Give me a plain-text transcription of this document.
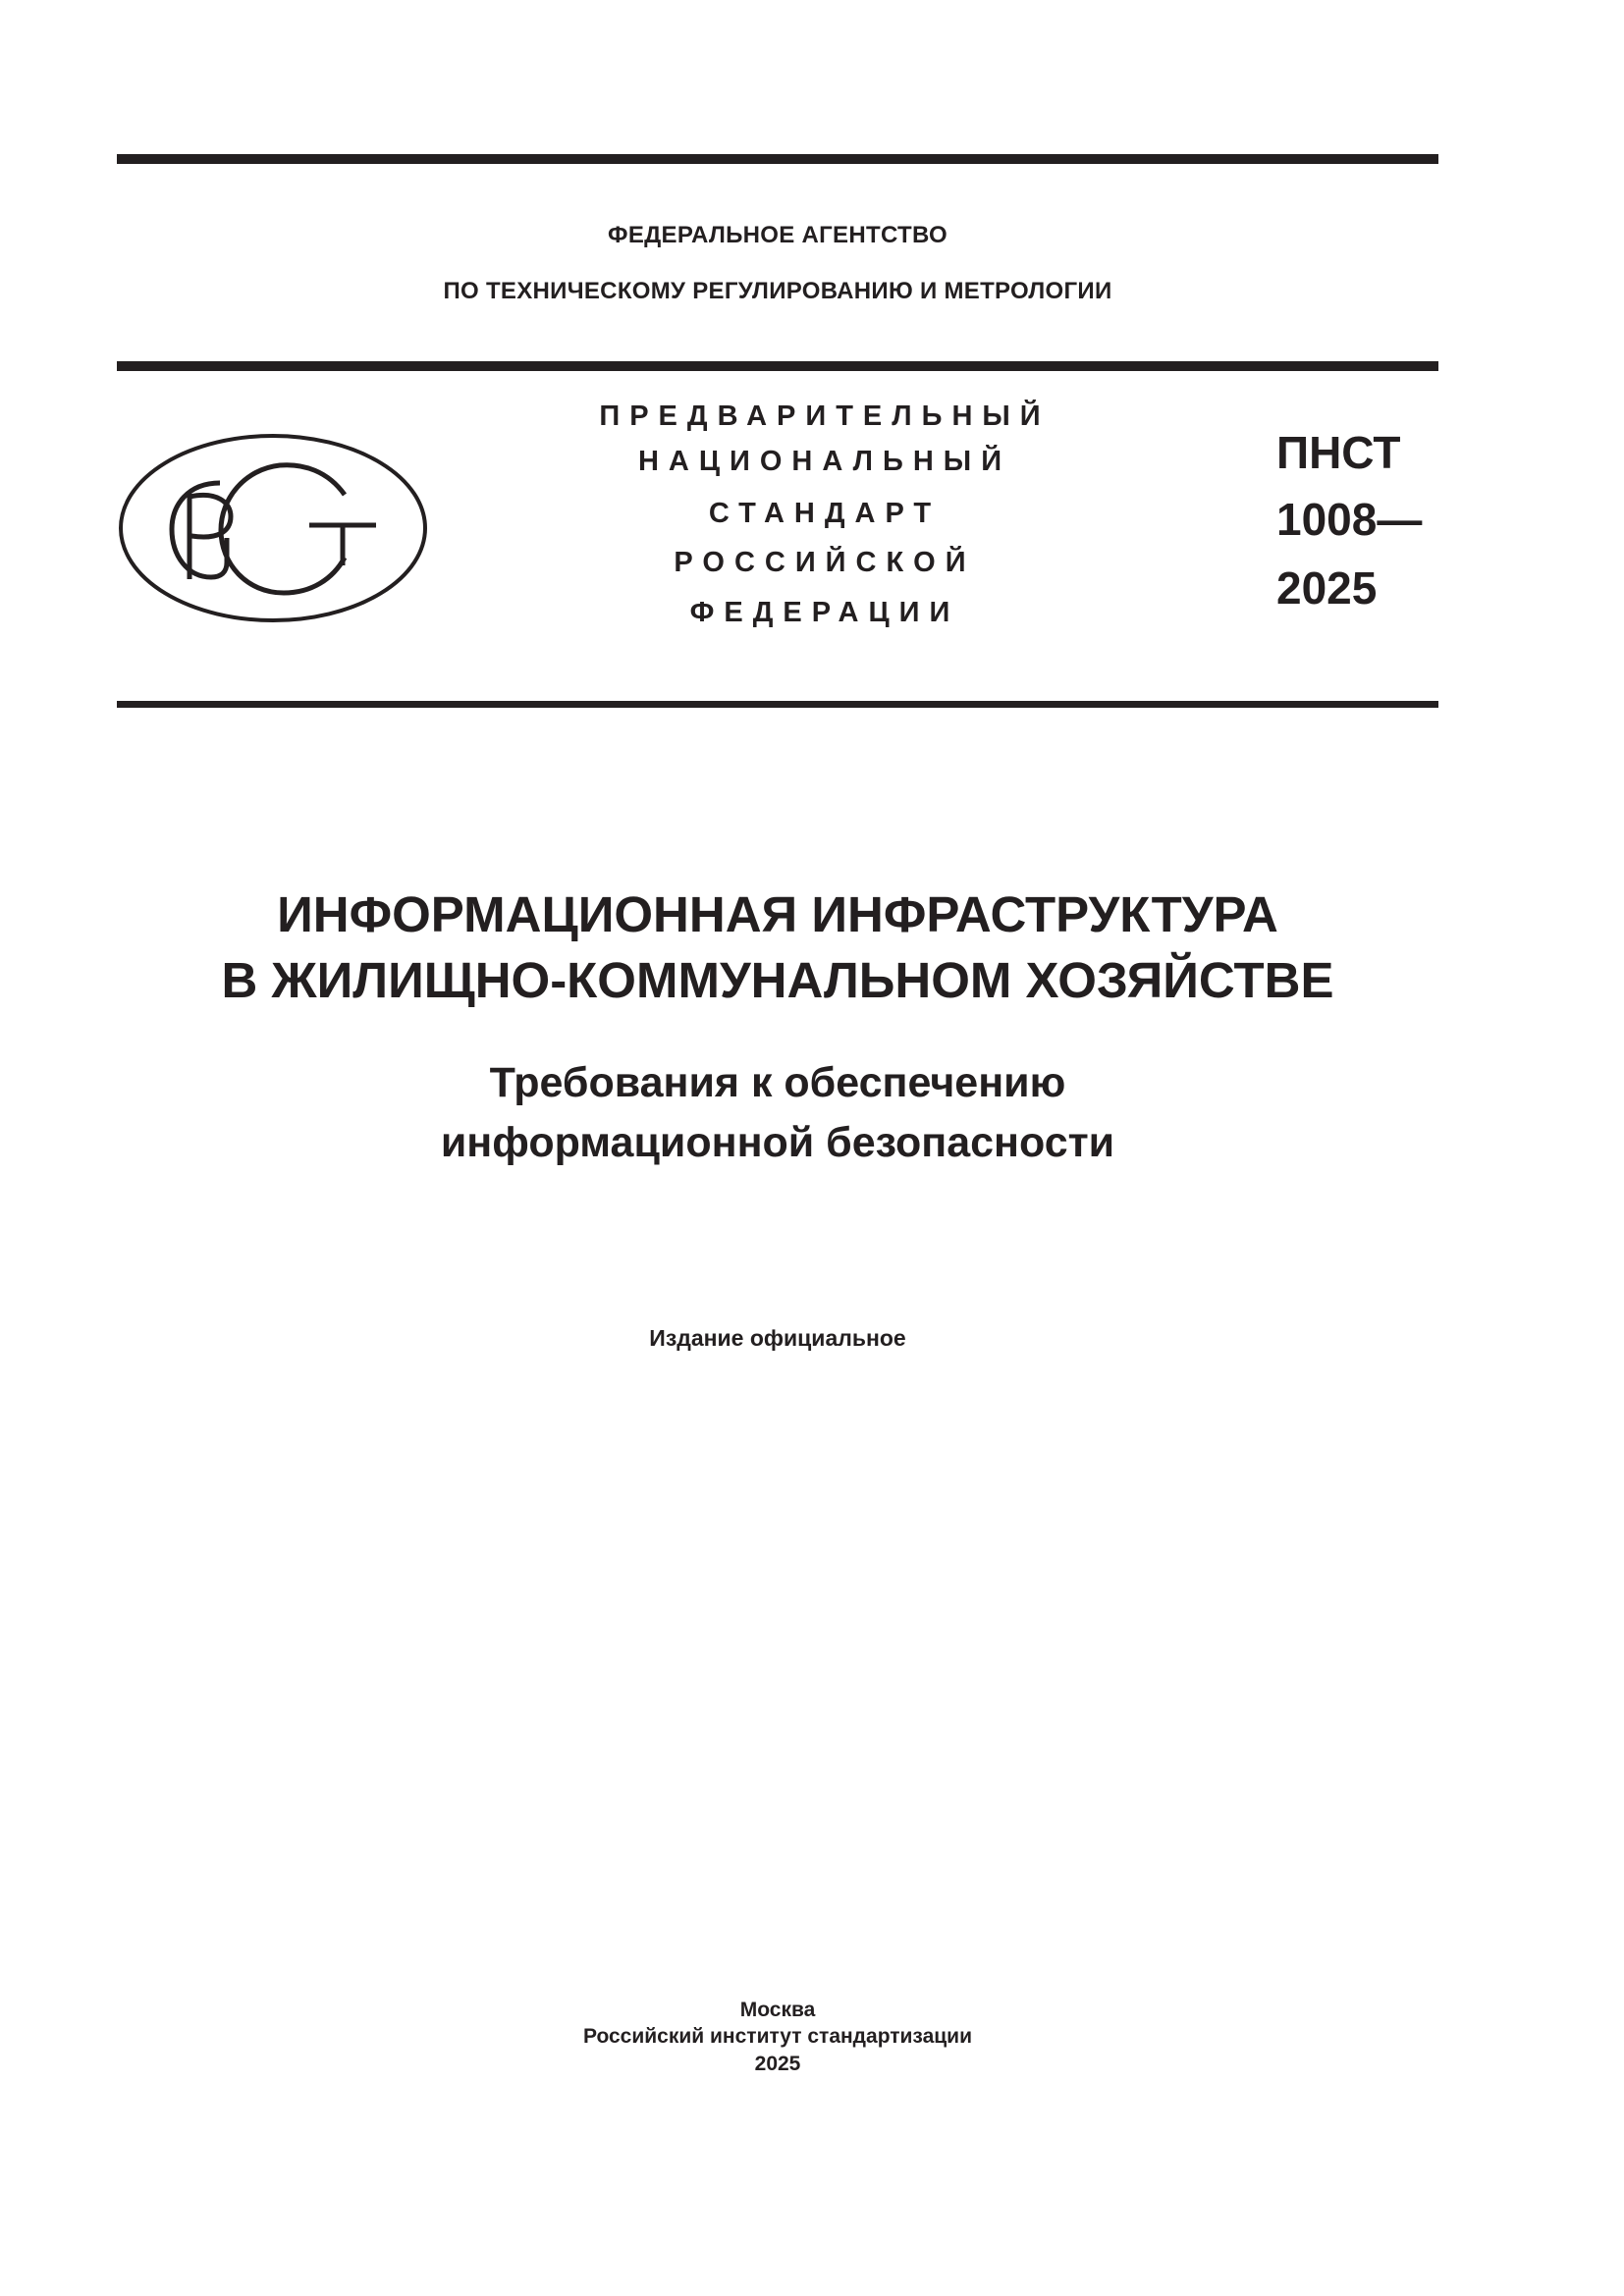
ФЕДЕРАЛЬНОЕ АГЕНТСТВО
ПО ТЕХНИЧЕСКОМУ РЕГУЛИРОВАНИЮ И МЕТРОЛОГИИ
ПРЕДВАРИТЕЛЬНЫЙ
НАЦИОНАЛЬНЫЙ
СТАНДАРТ
РОССИЙСКОЙ
ФЕДЕРАЦИИ
ПНСТ
1008—
2025
ИНФОРМАЦИОННАЯ ИНФРАСТРУКТУРА
В ЖИЛИЩНО-КОММУНАЛЬНОМ ХОЗЯЙСТВЕ
Требования к обеспечению
информационной безопасности
Издание официальное
Москва
Российский институт стандартизации
2025
